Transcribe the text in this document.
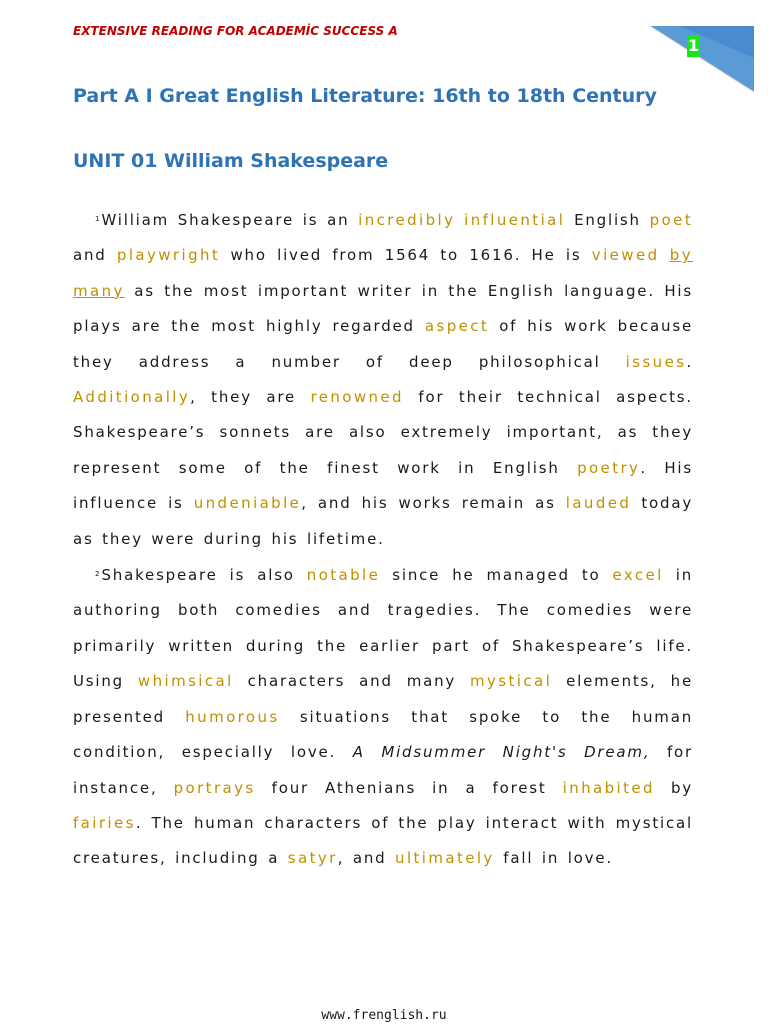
EXTENSIVE READING FOR ACADEMİC SUCCESS A
1
Part A I Great English Literature: 16th to 18th Century
UNIT 01 William Shakespeare

$^1$ William Shakespeare is an incredibly influential English poet and playwright who lived from 1564 to 1616. He is viewed by many as the most important writer in the English language. His plays are the most highly regarded aspect of his work because they address a number of deep philosophical issues. Additionally, they are renowned for their technical aspects. Shakespeare’s sonnets are also extremely important, as they represent some of the finest work in English poetry. His influence is undeniable, and his works remain as lauded today as they were during his lifetime.

$^2$ Shakespeare is also notable since he managed to excel in authoring both comedies and tragedies. The comedies were primarily written during the earlier part of Shakespeare’s life. Using whimsical characters and many mystical elements, he presented humorous situations that spoke to the human condition, especially love. A Midsummer Night's Dream, for instance, portrays four Athenians in a forest inhabited by fairies. The human characters of the play interact with mystical creatures, including a satyr, and ultimately fall in love.

www.frenglish.ru
